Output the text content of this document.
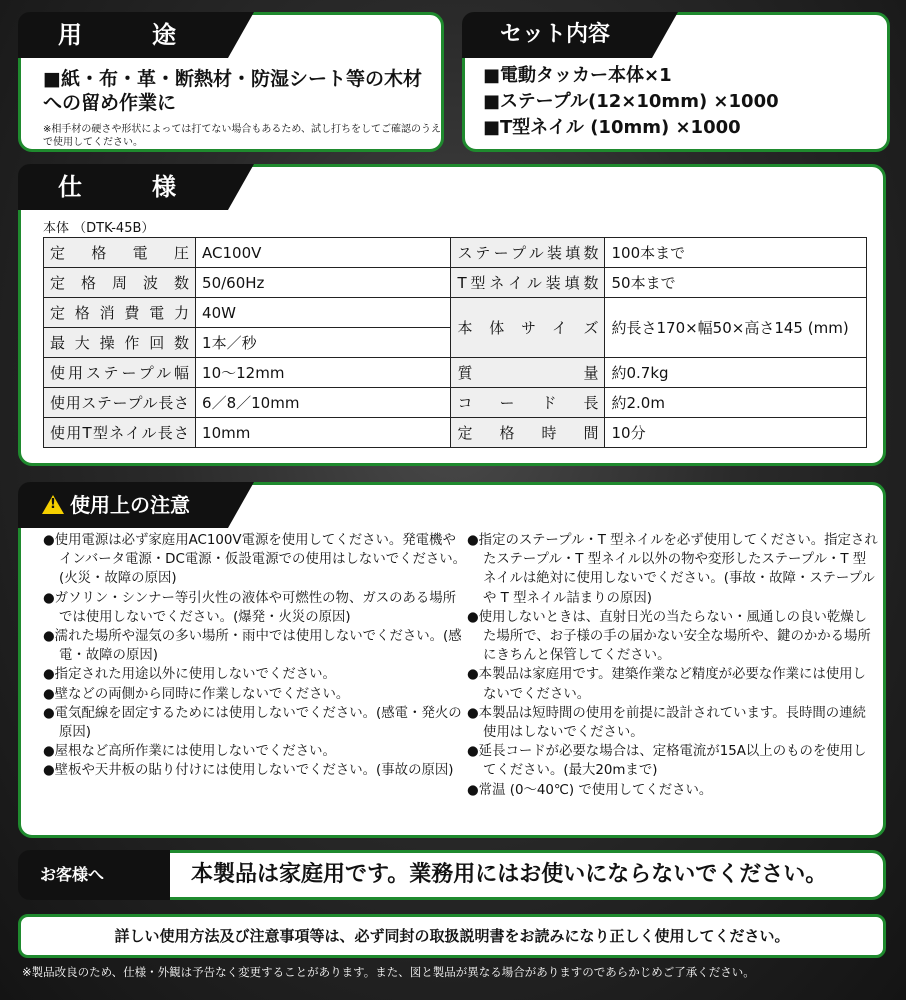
用	途
■紙・布・革・断熱材・防湿シート等の木材　への留め作業に
※相手材の硬さや形状によっては打てない場合もあるため、試し打ちをしてご確認のうえで使用してください。
セット内容
■電動タッカー本体×1
■ステープル(12×10mm) ×1000
■T型ネイル (10mm) ×1000
仕	様
本体 （DTK-45B）
定格電圧	AC100V	ステープル装填数	100本まで
定格周波数	50/60Hz	T型ネイル装填数	50本まで
定格消費電力	40W	本体サイズ	約長さ170×幅50×高さ145 (mm)
最大操作回数	1本／秒		
使用ステープル幅	10〜12mm	質量	約0.7kg
使用ステープル長さ	6／8／10mm	コード長	約2.0m
使用T型ネイル長さ	10mm	定格時間	10分
! 使用上の注意
●使用電源は必ず家庭用AC100V電源を使用してください。発電機やインバータ電源・DC電源・仮設電源での使用はしないでください。(火災・故障の原因)
●ガソリン・シンナー等引火性の液体や可燃性の物、ガスのある場所では使用しないでください。(爆発・火災の原因)
●濡れた場所や湿気の多い場所・雨中では使用しないでください。(感電・故障の原因)
●指定された用途以外に使用しないでください。
●壁などの両側から同時に作業しないでください。
●電気配線を固定するためには使用しないでください。(感電・発火の原因)
●屋根など高所作業には使用しないでください。
●壁板や天井板の貼り付けには使用しないでください。(事故の原因)
●指定のステープル・T 型ネイルを必ず使用してください。指定されたステープル・T 型ネイル以外の物や変形したステープル・T 型ネイルは絶対に使用しないでください。(事故・故障・ステープルや T 型ネイル詰まりの原因)
●使用しないときは、直射日光の当たらない・風通しの良い乾燥した場所で、お子様の手の届かない安全な場所や、鍵のかかる場所にきちんと保管してください。
●本製品は家庭用です。建築作業など精度が必要な作業には使用しないでください。
●本製品は短時間の使用を前提に設計されています。長時間の連続使用はしないでください。
●延長コードが必要な場合は、定格電流が15A以上のものを使用してください。(最大20mまで)
●常温 (0〜40℃) で使用してください。
お客様へ	本製品は家庭用です。業務用にはお使いにならないでください。
詳しい使用方法及び注意事項等は、必ず同封の取扱説明書をお読みになり正しく使用してください。
※製品改良のため、仕様・外観は予告なく変更することがあります。また、図と製品が異なる場合がありますのであらかじめご了承ください。
